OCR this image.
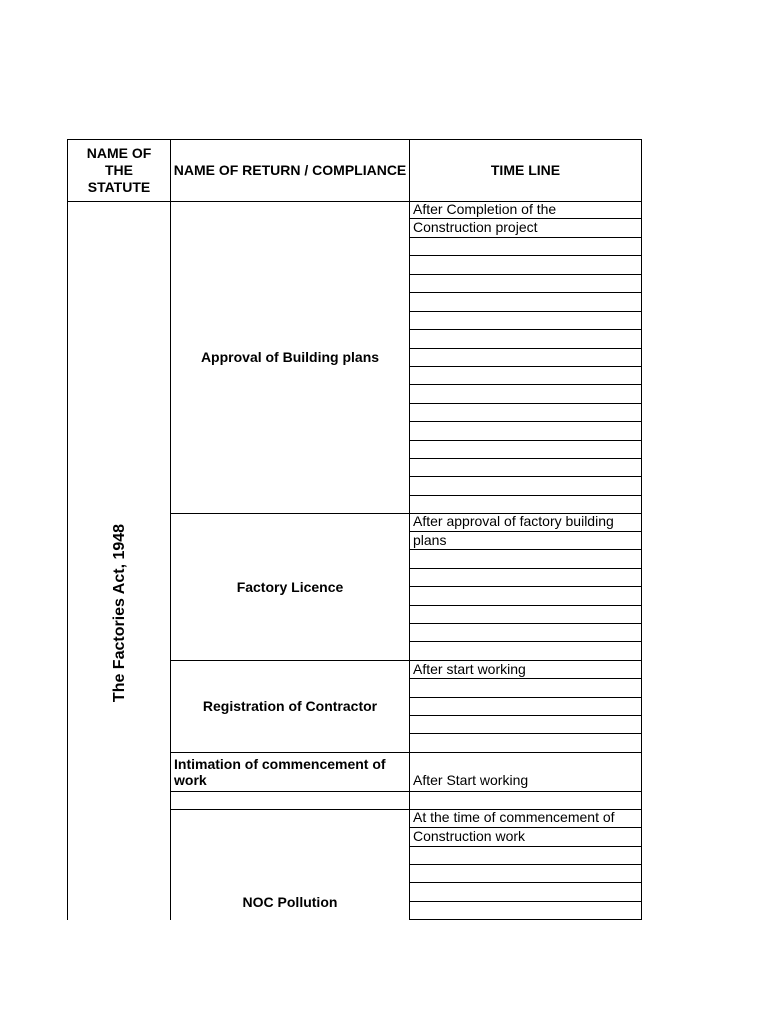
NAME OF THE STATUTE
NAME OF RETURN / COMPLIANCE	TIME LINE
The Factories Act, 1948
Approval of Building plans
Factory Licence
Registration of Contractor
Intimation of commencement of work
NOC Pollution
After Completion of the
Construction project
After approval of factory building
plans
After start working
After Start working
At the time of commencement of
Construction work
